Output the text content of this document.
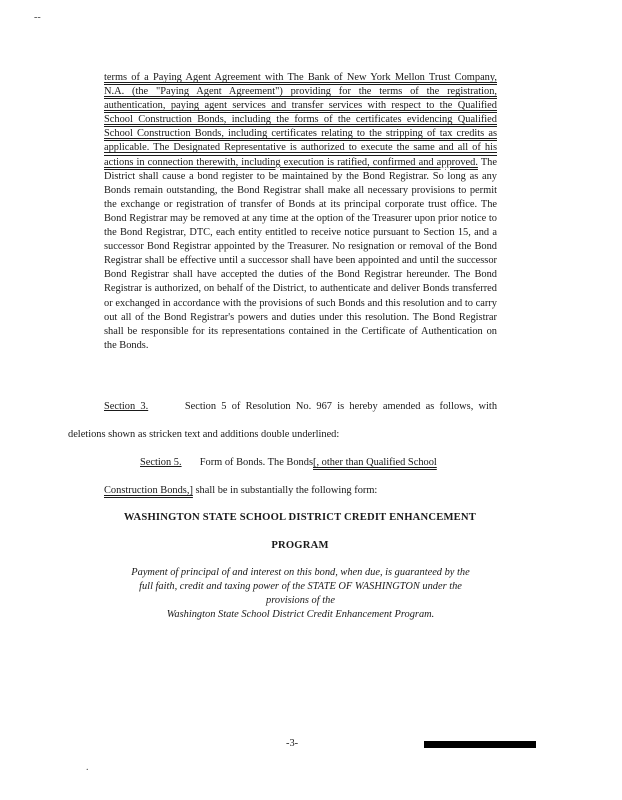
--

terms of a Paying Agent Agreement with The Bank of New York Mellon Trust Company, N.A. (the "Paying Agent Agreement") providing for the terms of the registration, authentication, paying agent services and transfer services with respect to the Qualified School Construction Bonds, including the forms of the certificates evidencing Qualified School Construction Bonds, including certificates relating to the stripping of tax credits as applicable. The Designated Representative is authorized to execute the same and all of his actions in connection therewith, including execution is ratified, confirmed and approved. The District shall cause a bond register to be maintained by the Bond Registrar. So long as any Bonds remain outstanding, the Bond Registrar shall make all necessary provisions to permit the exchange or registration of transfer of Bonds at its principal corporate trust office. The Bond Registrar may be removed at any time at the option of the Treasurer upon prior notice to the Bond Registrar, DTC, each entity entitled to receive notice pursuant to Section 15, and a successor Bond Registrar appointed by the Treasurer. No resignation or removal of the Bond Registrar shall be effective until a successor shall have been appointed and until the successor Bond Registrar shall have accepted the duties of the Bond Registrar hereunder. The Bond Registrar is authorized, on behalf of the District, to authenticate and deliver Bonds transferred or exchanged in accordance with the provisions of such Bonds and this resolution and to carry out all of the Bond Registrar's powers and duties under this resolution. The Bond Registrar shall be responsible for its representations contained in the Certificate of Authentication on the Bonds.

Section 3.	Section 5 of Resolution No. 967 is hereby amended as follows, with

deletions shown as stricken text and additions double underlined:

Section 5. Form of Bonds. The Bonds[, other than Qualified School

Construction Bonds,] shall be in substantially the following form:

WASHINGTON STATE SCHOOL DISTRICT CREDIT ENHANCEMENT

PROGRAM

Payment of principal of and interest on this bond, when due, is guaranteed by the
full faith, credit and taxing power of the STATE OF WASHINGTON under the
provisions of the
Washington State School District Credit Enhancement Program.
-3-
.
